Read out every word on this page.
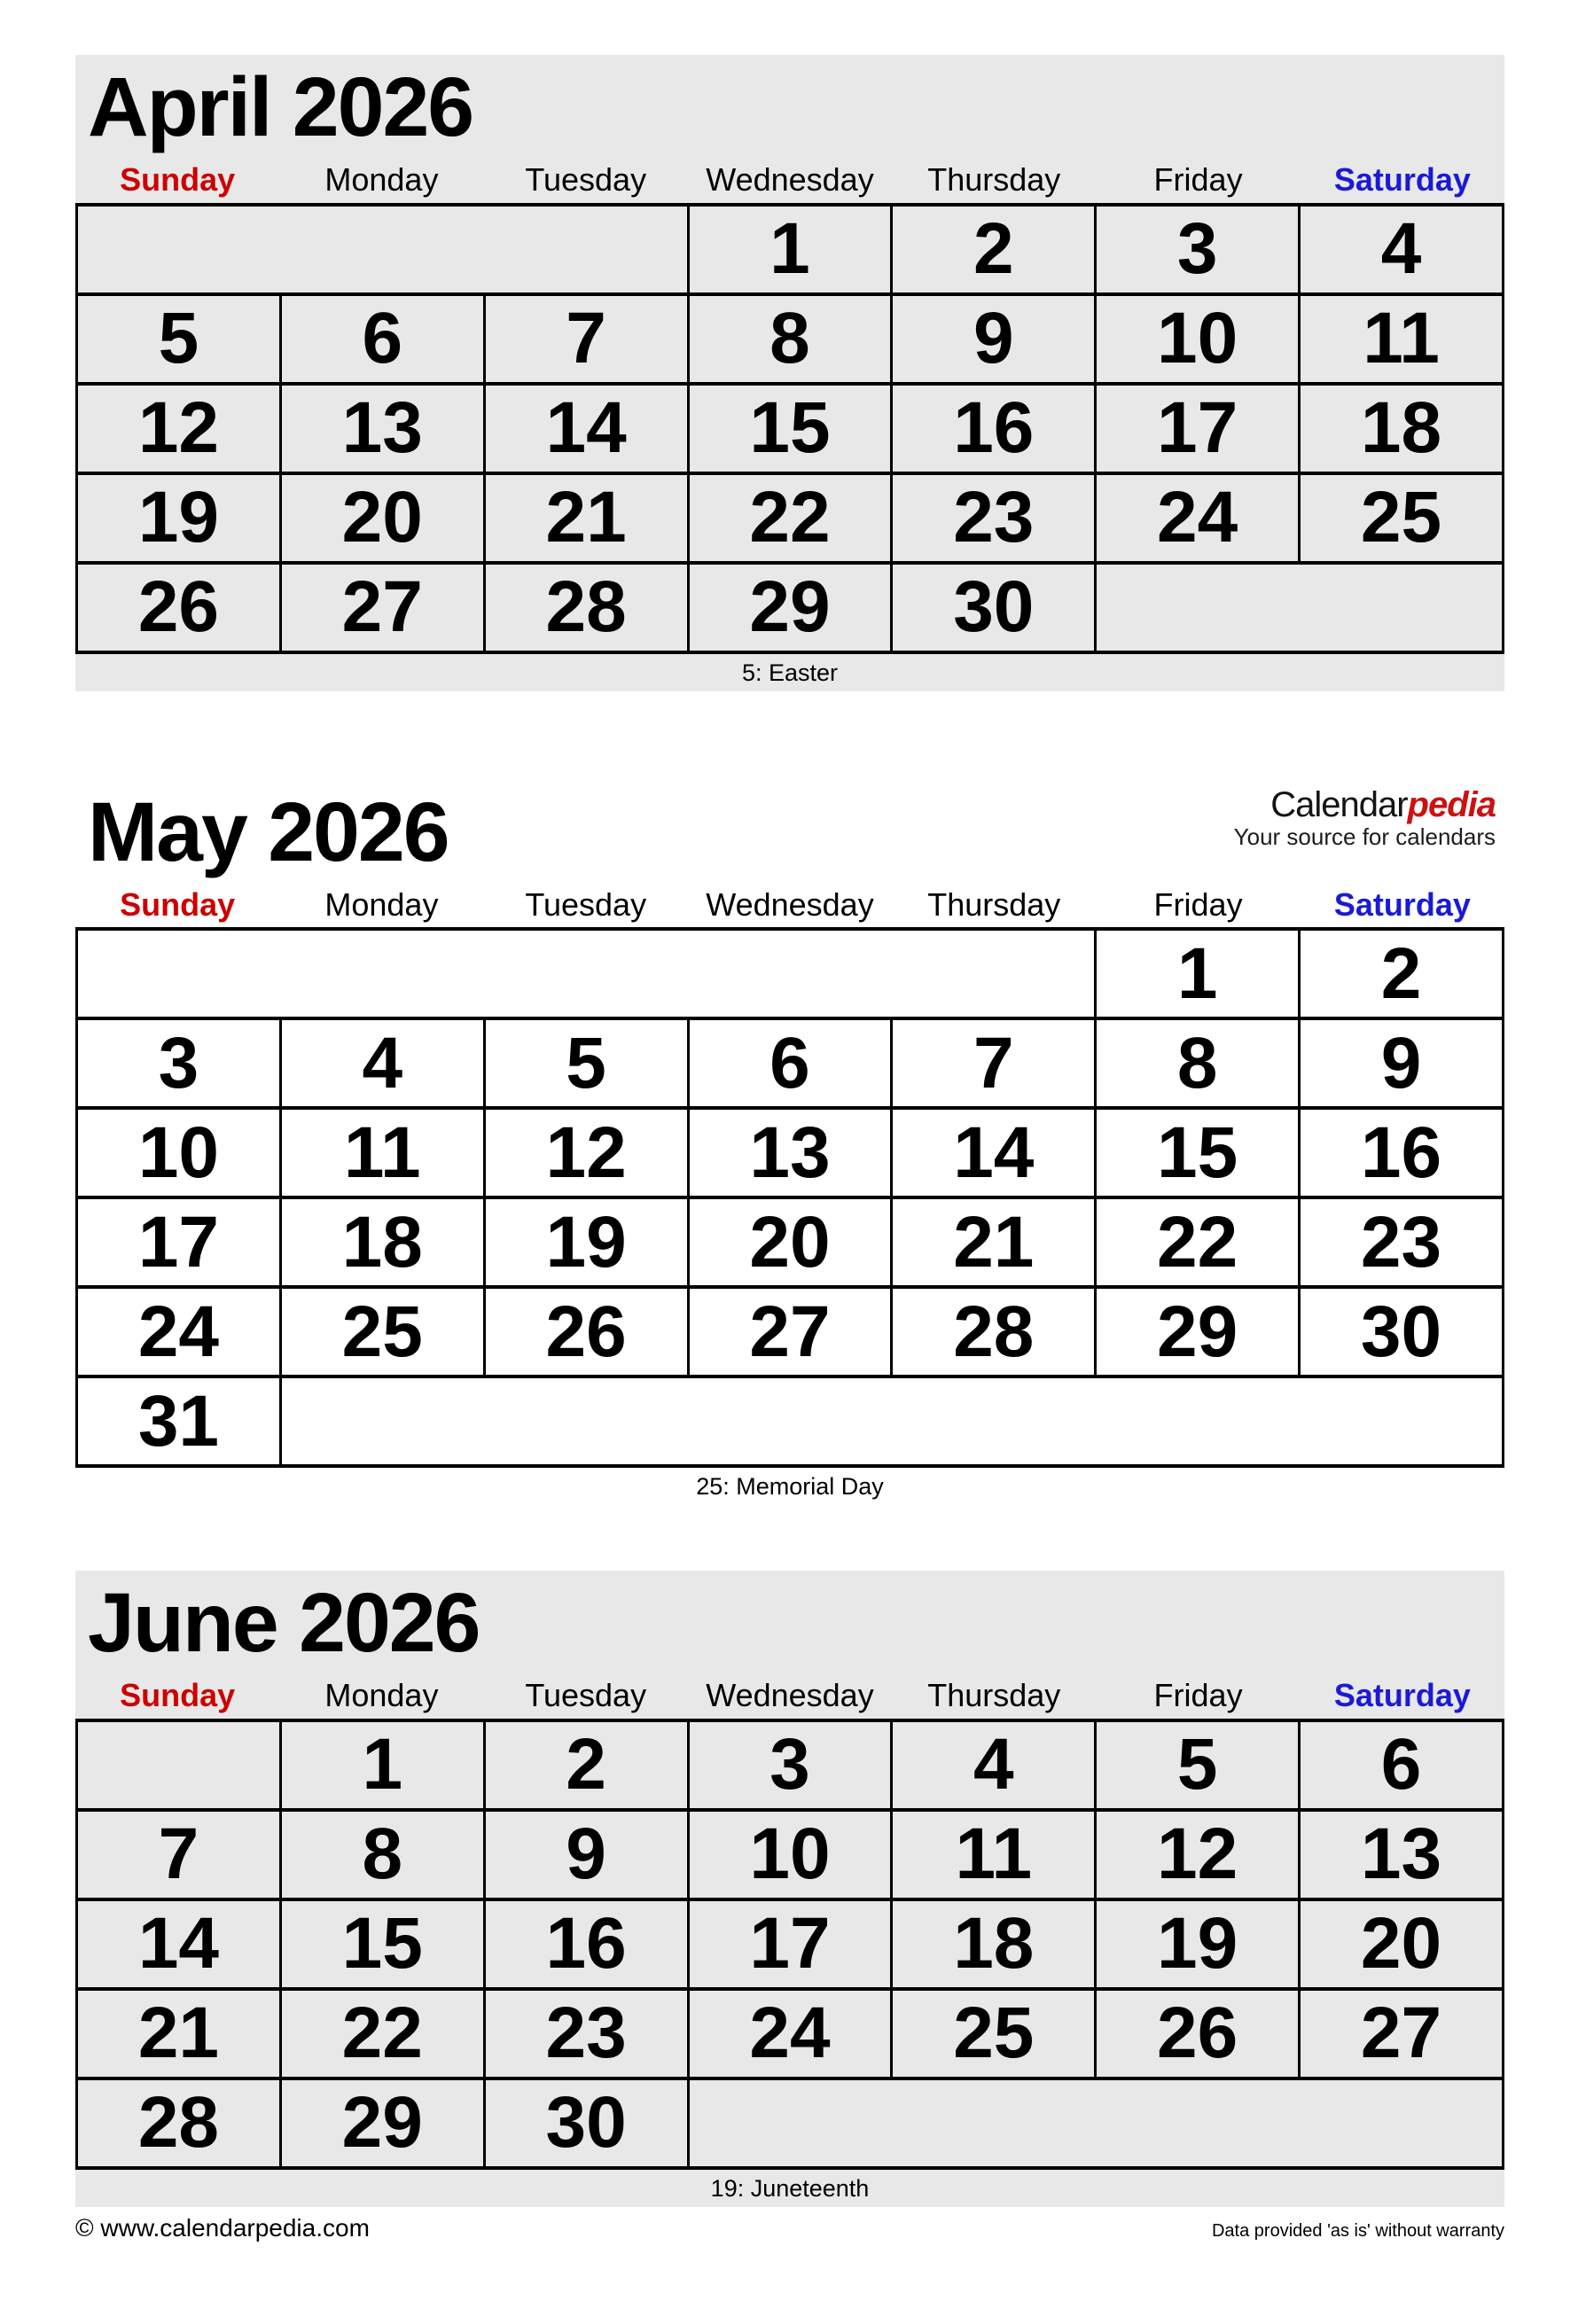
April 2026
Sunday	Monday	Tuesday	Wednesday	Thursday	Friday	Saturday
			1	2	3	4
5	6	7	8	9	10	11
12	13	14	15	16	17	18
19	20	21	22	23	24	25
26	27	28	29	30		
5: Easter
May 2026	Calendarpedia
Your source for calendars
Sunday	Monday	Tuesday	Wednesday	Thursday	Friday	Saturday
					1	2
3	4	5	6	7	8	9
10	11	12	13	14	15	16
17	18	19	20	21	22	23
24	25	26	27	28	29	30
31						
25: Memorial Day
June 2026
Sunday	Monday	Tuesday	Wednesday	Thursday	Friday	Saturday
	1	2	3	4	5	6
7	8	9	10	11	12	13
14	15	16	17	18	19	20
21	22	23	24	25	26	27
28	29	30				
19: Juneteenth
© www.calendarpedia.com	Data provided 'as is' without warranty
